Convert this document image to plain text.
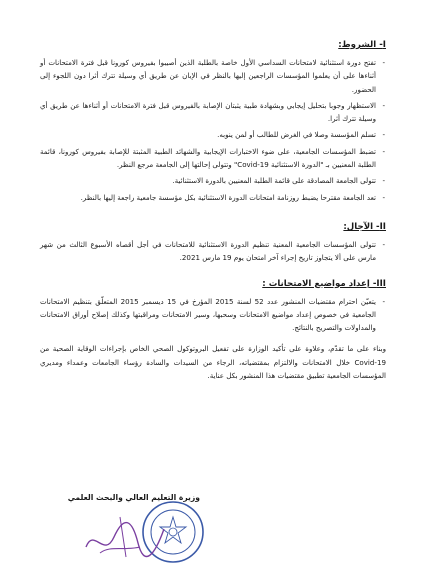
I- الشروط:
- تفتح دورة استثنائية لامتحانات السداسي الأول خاصة بالطلبة الذين أصيبوا بفيروس كورونا قبل فترة الامتحانات أو أثناءها على أن يعلموا المؤسسات الراجعين إليها بالنظر في الإبان عن طريق أي وسيلة تترك أثرا دون اللجوء إلى الحضور.
- الاستظهار وجوبا بتحليل إيجابي وبشهادة طبية يثبتان الإصابة بالفيروس قبل فترة الامتحانات أو أثناءها عن طريق أي وسيلة تترك أثرا.
- تسلم المؤسسة وصلا في الغرض للطالب أو لمن ينوبه.
- تضبط المؤسسات الجامعية، على ضوء الاختبارات الإيجابية والشهائد الطبية المثبتة للإصابة بفيروس كورونا، قائمة الطلبة المعنيين بـ "الدورة الاستثنائية Covid-19" وتتولى إحالتها إلى الجامعة مرجع النظر.
- تتولى الجامعة المصادقة على قائمة الطلبة المعنيين بالدورة الاستثنائية.
- تعد الجامعة مقترحا يضبط روزنامة امتحانات الدورة الاستثنائية بكل مؤسسة جامعية راجعة إليها بالنظر.
II- الآجال:
- تتولى المؤسسات الجامعية المعنية تنظيم الدورة الاستثنائية للامتحانات في أجل أقصاه الأسبوع الثالث من شهر مارس على ألا يتجاوز تاريخ إجراء آخر امتحان يوم 19 مارس 2021.
III- إعداد مواضيع الامتحانات :
- يتعيّن احترام مقتضيات المنشور عدد 52 لسنة 2015 المؤرخ في 15 ديسمبر 2015 المتعلّق بتنظيم الامتحانات الجامعية في خصوص إعداد مواضيع الامتحانات وسحبها، وسير الامتحانات ومراقبتها وكذلك إصلاح أوراق الامتحانات والمداولات والتصريح بالنتائج.

وبناء على ما تقدّم، وعلاوة على تأكيد الوزارة على تفعيل البروتوكول الصحي الخاص بإجراءات الوقاية الصحية من Covid-19 خلال الامتحانات والالتزام بمقتضياته، الرجاء من السيدات والسادة رؤساء الجامعات وعمداء ومديري المؤسسات الجامعية تطبيق مقتضيات هذا المنشور بكل عناية.

وزيرة التعليم العالي والبحث العلمي
